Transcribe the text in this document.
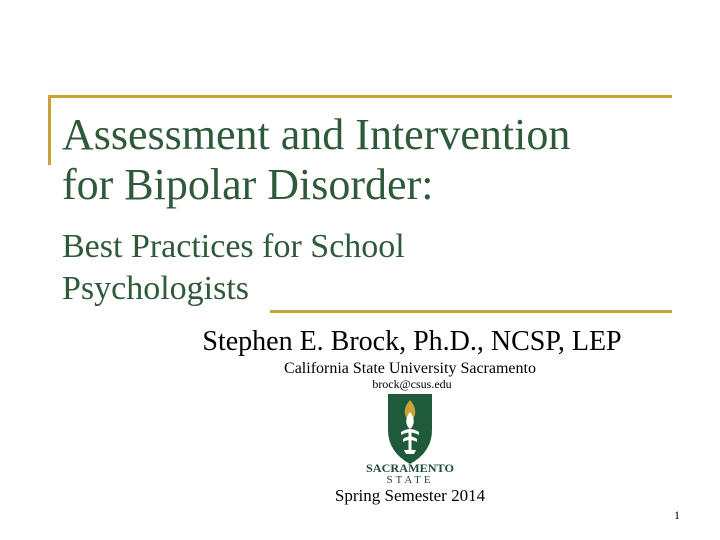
Assessment and Intervention
for Bipolar Disorder:
Best Practices for School
Psychologists
Stephen E. Brock, Ph.D., NCSP, LEP
California State University Sacramento
brock@csus.edu
SACRAMENTO
STATE
Spring Semester 2014
1
